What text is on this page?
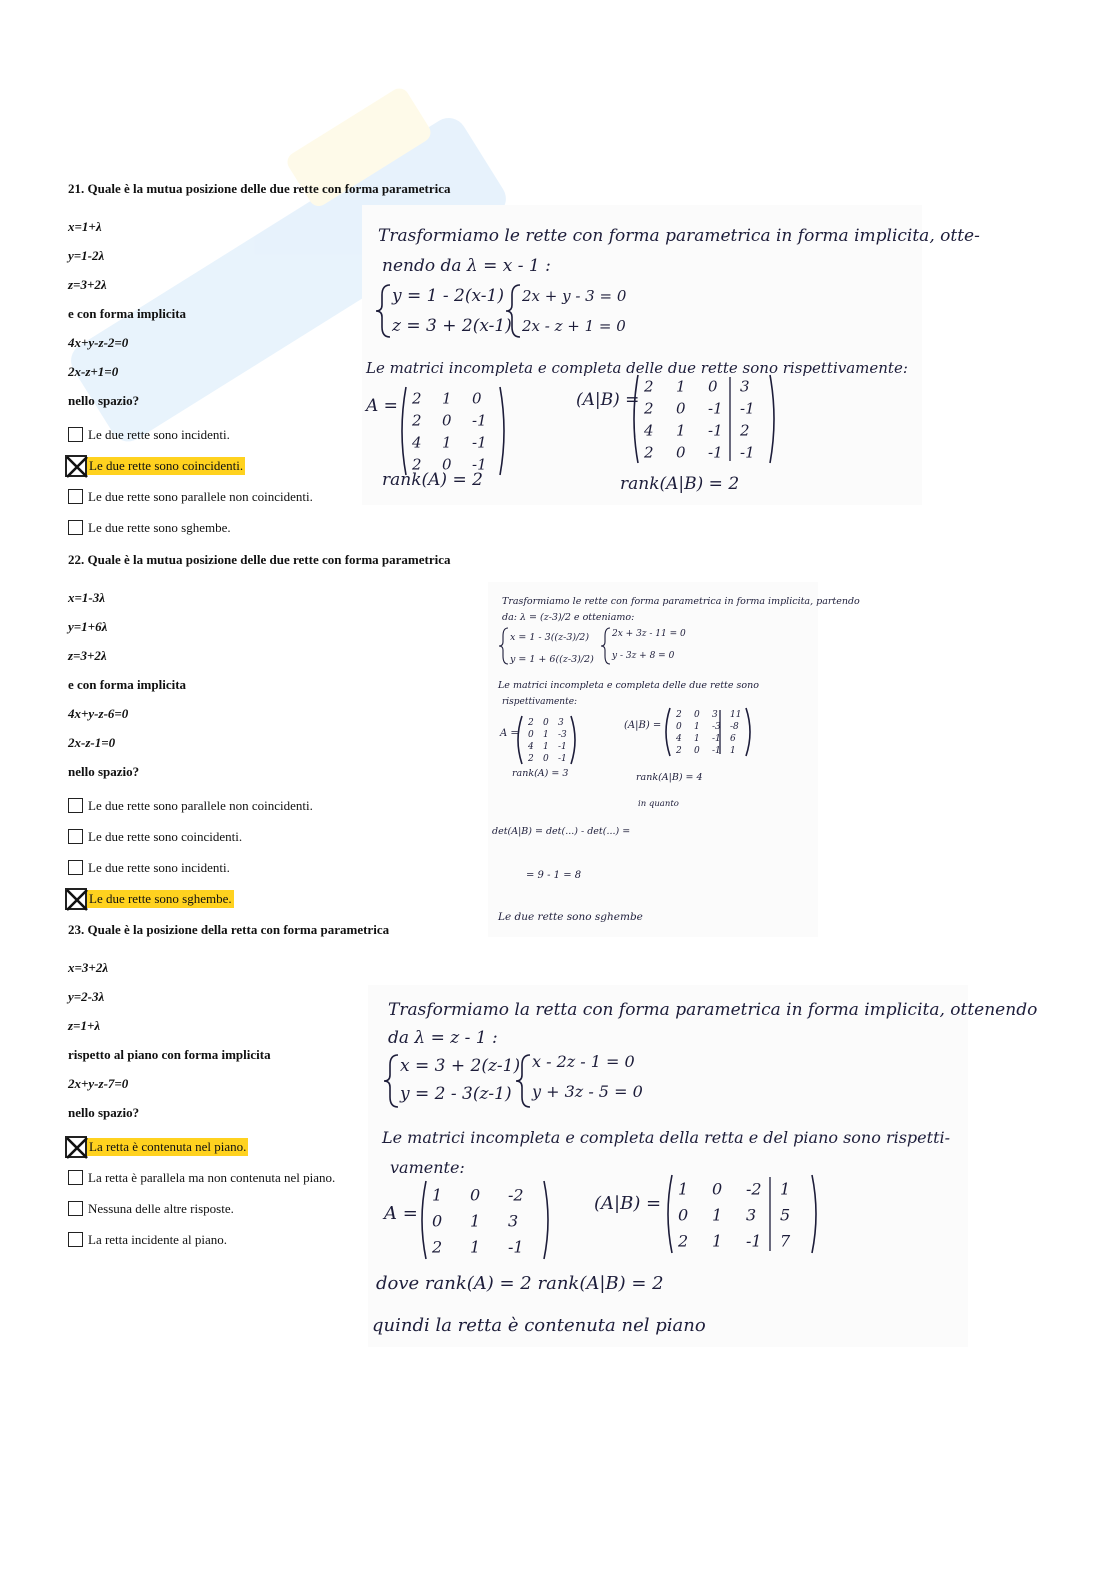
21. Quale è la mutua posizione delle due rette con forma parametrica
x=1+λ
y=1-2λ
z=3+2λ
e con forma implicita
4x+y-z-2=0
2x-z+1=0
nello spazio?
Le due rette sono incidenti.
Le due rette sono coincidenti.
Le due rette sono parallele non coincidenti.
Le due rette sono sghembe.
Trasformiamo le rette con forma parametrica in forma implicita, otte-
nendo da λ = x - 1 :
y = 1 - 2(x-1)
z = 3 + 2(x-1)
2x + y - 3 = 0
2x - z + 1 = 0
Le matrici incompleta e completa delle due rette sono rispettivamente:
A = 2 1 0
2 0 -1
4 1 -1
2 0 -1
(A|B) =
2 1 0 3
2 0 -1 -1
4 1 -1 2
2 0 -1 -1
rank(A) = 2	rank(A|B) = 2
22. Quale è la mutua posizione delle due rette con forma parametrica
x=1-3λ
y=1+6λ
z=3+2λ
e con forma implicita
4x+y-z-6=0
2x-z-1=0
nello spazio?
Le due rette sono parallele non coincidenti.
Le due rette sono coincidenti.
Le due rette sono incidenti.
Le due rette sono sghembe.
Trasformiamo le rette con forma parametrica in forma implicita, partendo
da: λ = (z-3)/2 e otteniamo:
x = 1 - 3((z-3)/2)
y = 1 + 6((z-3)/2)
2x + 3z - 11 = 0
y - 3z + 8 = 0
Le matrici incompleta e completa delle due rette sono
rispettivamente:
A =
2 0 3
0 1 -3
4 1 -1
2 0 -1
(A|B) =
2 0 3 11
0 1 -3 -8
4 1 -1 6
2 0 -1 1
rank(A) = 3	rank(A|B) = 4
in quanto
det(A|B) = det(...) - det(...) =
= 9 - 1 = 8
Le due rette sono sghembe
23. Quale è la posizione della retta con forma parametrica
x=3+2λ
y=2-3λ
z=1+λ
rispetto al piano con forma implicita
2x+y-z-7=0
nello spazio?
La retta è contenuta nel piano.
La retta è parallela ma non contenuta nel piano.
Nessuna delle altre risposte.
La retta incidente al piano.
Trasformiamo la retta con forma parametrica in forma implicita, ottenendo
da λ = z - 1 :
x = 3 + 2(z-1)
y = 2 - 3(z-1)
x - 2z - 1 = 0
y + 3z - 5 = 0
Le matrici incompleta e completa della retta e del piano sono rispetti-
vamente:
A =
1 0 -2
0 1 3
2 1 -1
(A|B) =
1 0 -2 1
0 1 3 5
2 1 -1 7
dove rank(A) = 2 rank(A|B) = 2
quindi la retta è contenuta nel piano
